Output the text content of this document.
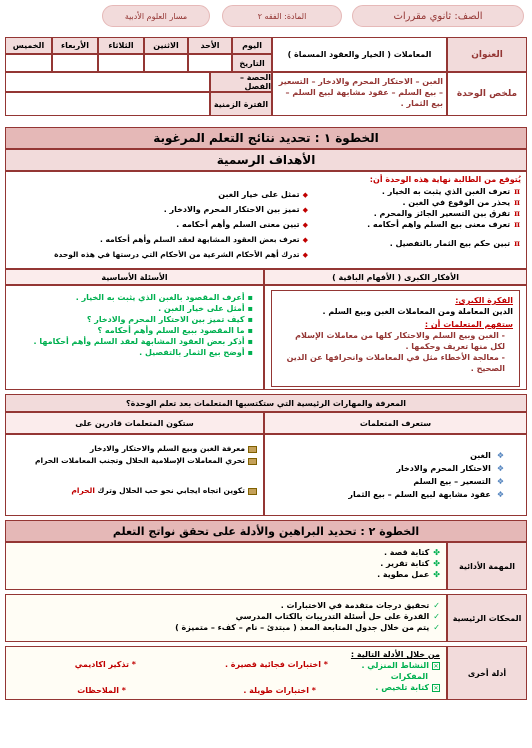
الصف: ثانوي مقررات
المادة: الفقه ٢
مسار العلوم الأدبية
العنوان
المعاملات ( الخيار والعقود المسماة )
ملخص الوحدة
الغبن – الاحتكار المحرم والادخار – التسعير – بيع السلم – عقود مشابهة لبيع السلم – بيع الثمار .
اليوم
الأحد
الاثنين
الثلاثاء
الأربعاء
الخميس
التاريخ
الحصة – الفصل
الفترة الزمنية
الخطوة ١ : تحديد نتائج التعلم المرغوبة
الأهداف الرسمية
يُتوقع من الطالبة نهاية هذه الوحدة أن:
πتعرف الغبن الذي يثبت به الخيار .
πيحذر من الوقوع في الغبن .
πتفرق بين التسعير الجائز والمحرم .
πتعرف معنى بيع السلم واهم أحكامه .
πتبين حكم بيع الثمار بالتفصيل .
◆تمثل على خيار الغبن
◆تميز بين الاحتكار المحرم والادخار .
◆تبين معنى السلم وأهم أحكامه .
◆تعرف بعض العقود المشابهة لعقد السلم وأهم أحكامه .
◆تدرك أهم الأحكام الشرعية من الأحكام التي درستها في هذه الوحدة
الأفكار الكبرى ( الأفهام الباقية )
الأسئلة الأساسية
الفكرة الكبرى:
الدين المعاملة ومن المعاملات الغبن وبيع السلم .
ستفهم المتعلمات أن :
- الغبن وبيع السلم والاحتكار كلها من معاملات الإسلام لكل منها تعريف وحكمها .
- معالجة الأخطاء مثل في المعاملات وانحرافها عن الدين الصحيح .
▪أعرف المقصود بالغبن الذي يثبت به الخيار .
▪أمثل على خيار الغبن .
▪كيف تميز بين الاحتكار المحرم والادخار ؟
▪ما المقصود ببيع السلم وأهم أحكامه ؟
▪أذكر بعض العقود المشابهة لعقد السلم وأهم أحكامها .
▪أوضح بيع الثمار بالتفصيل .
المعرفة والمهارات الرئيسية التي ستكتسبها المتعلمات بعد تعلم الوحدة؟
ستعرف المتعلمات
ستكون المتعلمات قادرين على
❖الغبن
❖الاحتكار المحرم والادخار
❖التسعير – بيع السلم
❖عقود مشابهة لبيع السلم – بيع الثمار
معرفة الغبن وبيع السلم والاحتكار والادخار
تحري المعاملات الإسلامية الحلال وتجنب المعاملات الحرام
تكوين اتجاه ايجابي نحو حب الحلال وترك الحرام
الخطوة ٢ : تحديد البراهين والأدلة على تحقق نواتج التعلم
المهمة الأدائية
✤كتابة قصة .
✤كتابة تقرير .
✤عمل مطوية .
المحكات الرئيسية
✓تحقيق درجات متقدمة في الاختبارات .
✓القدرة على حل أسئلة التدريبات بالكتاب المدرسي
✓يتم من خلال جدول المتابعة المعد ( مبتدئ – نام – كفء – متميزة )
أدلة أخرى
من خلال الأدلة التالية :
✕النشاط المنزلي .
المفكرات
✕كتابة تلخيص .
* اختبارات فجائية قصيرة .
* تذكير اكاديمي
* اختبارات طويلة .
* الملاحظات
